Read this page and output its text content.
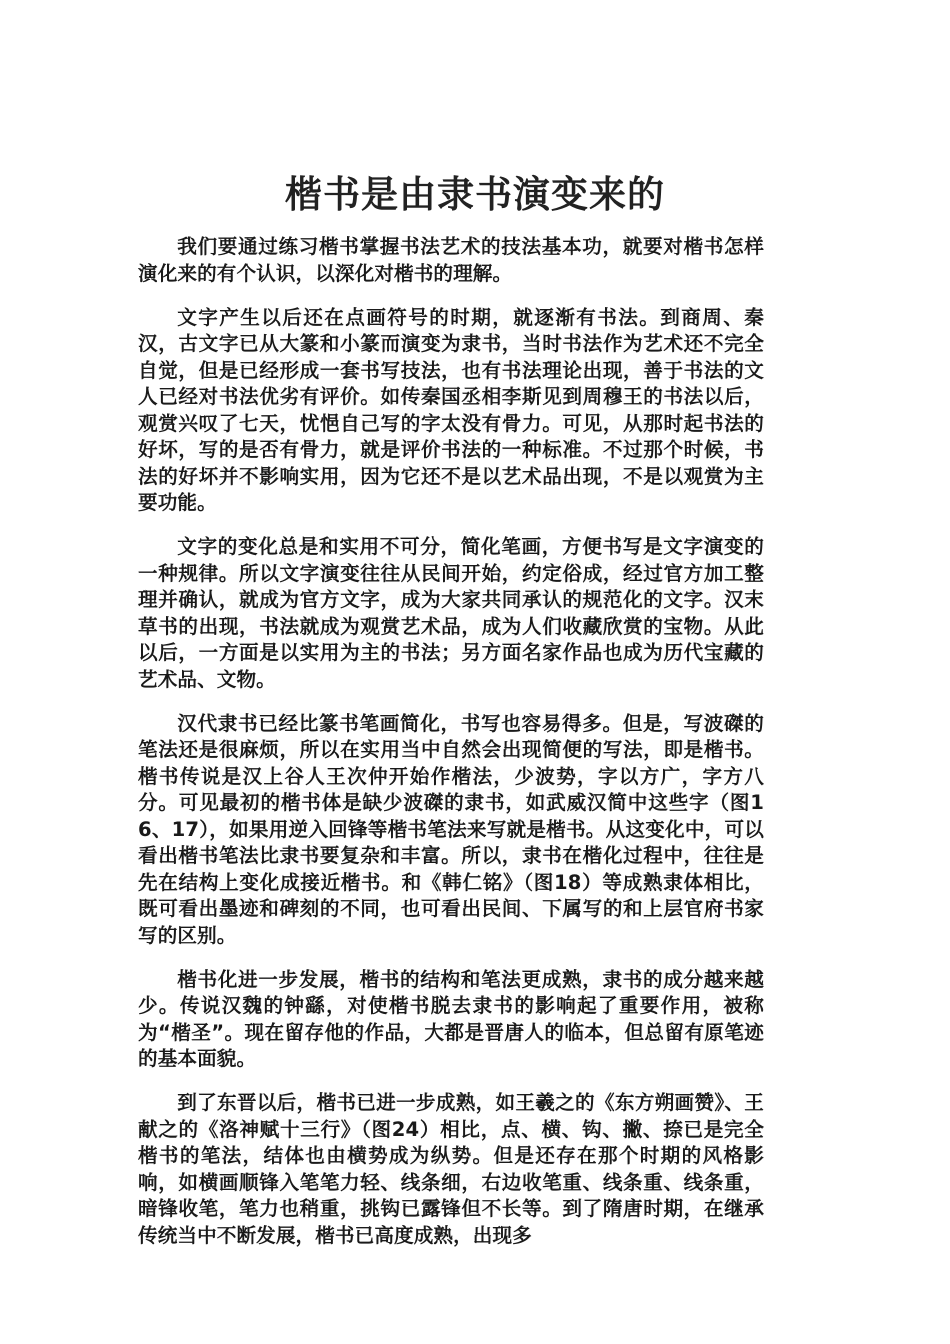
楷书是由隶书演变来的

我们要通过练习楷书掌握书法艺术的技法基本功，就要对楷书怎样演化来的有个认识，以深化对楷书的理解。

文字产生以后还在点画符号的时期，就逐渐有书法。到商周、秦汉，古文字已从大篆和小篆而演变为隶书，当时书法作为艺术还不完全自觉，但是已经形成一套书写技法，也有书法理论出现，善于书法的文人已经对书法优劣有评价。如传秦国丞相李斯见到周穆王的书法以后，观赏兴叹了七天，忧悒自己写的字太没有骨力。可见，从那时起书法的好坏，写的是否有骨力，就是评价书法的一种标准。不过那个时候，书法的好坏并不影响实用，因为它还不是以艺术品出现，不是以观赏为主要功能。

文字的变化总是和实用不可分，简化笔画，方便书写是文字演变的一种规律。所以文字演变往往从民间开始，约定俗成，经过官方加工整理并确认，就成为官方文字，成为大家共同承认的规范化的文字。汉末草书的出现，书法就成为观赏艺术品，成为人们收藏欣赏的宝物。从此以后，一方面是以实用为主的书法；另方面名家作品也成为历代宝藏的艺术品、文物。

汉代隶书已经比篆书笔画简化，书写也容易得多。但是，写波磔的笔法还是很麻烦，所以在实用当中自然会出现简便的写法，即是楷书。楷书传说是汉上谷人王次仲开始作楷法，少波势，字以方广，字方八分。可见最初的楷书体是缺少波磔的隶书，如武威汉简中这些字（图16、17），如果用逆入回锋等楷书笔法来写就是楷书。从这变化中，可以看出楷书笔法比隶书要复杂和丰富。所以，隶书在楷化过程中，往往是先在结构上变化成接近楷书。和《韩仁铭》（图18）等成熟隶体相比，既可看出墨迹和碑刻的不同，也可看出民间、下属写的和上层官府书家写的区别。

楷书化进一步发展，楷书的结构和笔法更成熟，隶书的成分越来越少。传说汉魏的钟繇，对使楷书脱去隶书的影响起了重要作用，被称为“楷圣”。现在留存他的作品，大都是晋唐人的临本，但总留有原笔迹的基本面貌。

到了东晋以后，楷书已进一步成熟，如王羲之的《东方朔画赞》、王献之的《洛神赋十三行》（图24）相比，点、横、钩、撇、捺已是完全楷书的笔法，结体也由横势成为纵势。但是还存在那个时期的风格影响，如横画顺锋入笔笔力轻、线条细，右边收笔重、线条重、线条重，暗锋收笔，笔力也稍重，挑钩已露锋但不长等。到了隋唐时期，在继承传统当中不断发展，楷书已高度成熟，出现多
